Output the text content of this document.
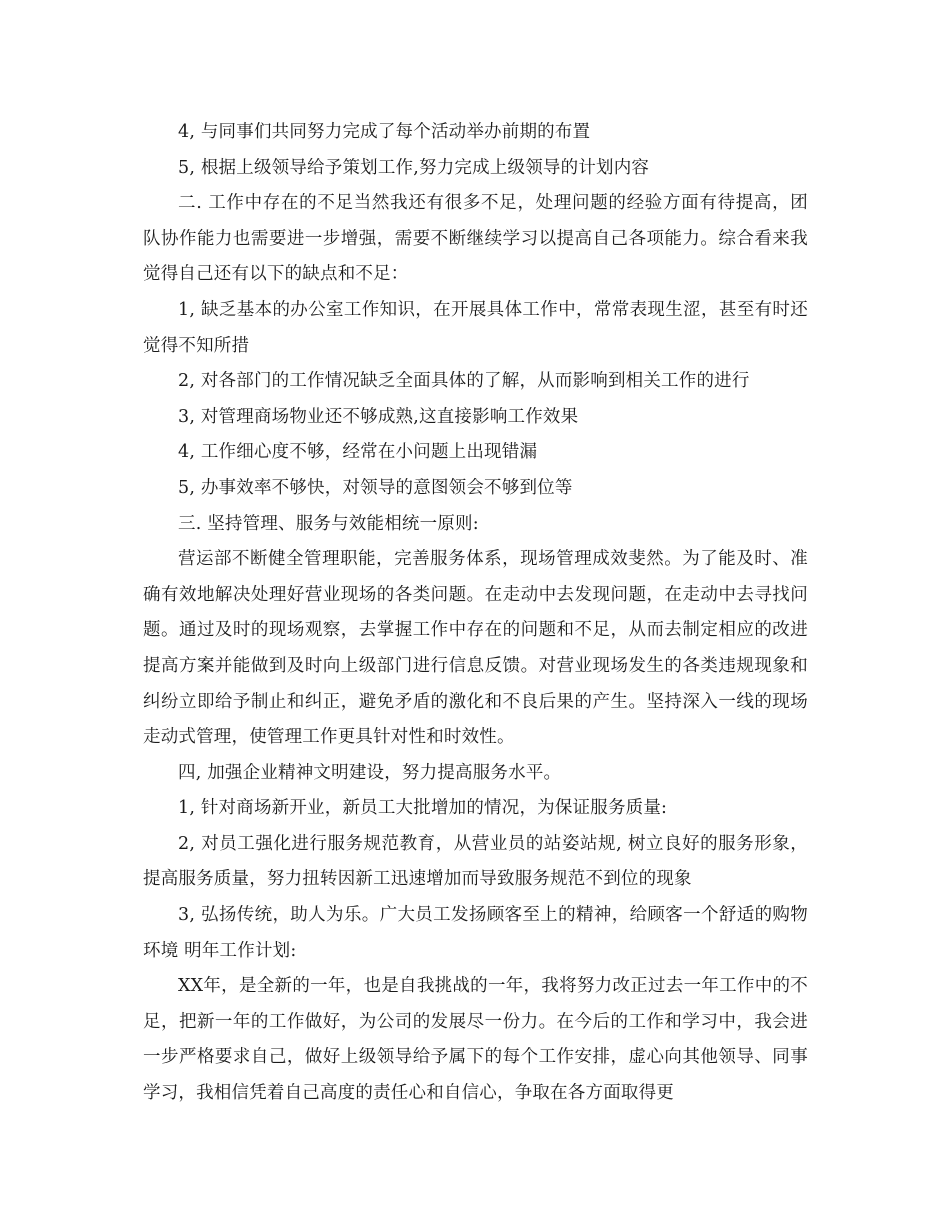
4, 与同事们共同努力完成了每个活动举办前期的布置

5, 根据上级领导给予策划工作,努力完成上级领导的计划内容

二. 工作中存在的不足当然我还有很多不足，处理问题的经验方面有待提高，团队协作能力也需要进一步增强，需要不断继续学习以提高自己各项能力。综合看来我觉得自己还有以下的缺点和不足：

1, 缺乏基本的办公室工作知识，在开展具体工作中，常常表现生涩，甚至有时还觉得不知所措

2, 对各部门的工作情况缺乏全面具体的了解，从而影响到相关工作的进行

3, 对管理商场物业还不够成熟,这直接影响工作效果

4, 工作细心度不够，经常在小问题上出现错漏

5, 办事效率不够快，对领导的意图领会不够到位等

三. 坚持管理、服务与效能相统一原则:

营运部不断健全管理职能，完善服务体系，现场管理成效斐然。为了能及时、准确有效地解决处理好营业现场的各类问题。在走动中去发现问题，在走动中去寻找问题。通过及时的现场观察，去掌握工作中存在的问题和不足，从而去制定相应的改进提高方案并能做到及时向上级部门进行信息反馈。对营业现场发生的各类违规现象和纠纷立即给予制止和纠正，避免矛盾的激化和不良后果的产生。坚持深入一线的现场走动式管理，使管理工作更具针对性和时效性。

四, 加强企业精神文明建设，努力提高服务水平。

1, 针对商场新开业，新员工大批增加的情况，为保证服务质量:

2, 对员工强化进行服务规范教育，从营业员的站姿站规, 树立良好的服务形象，提高服务质量，努力扭转因新工迅速增加而导致服务规范不到位的现象

3, 弘扬传统，助人为乐。广大员工发扬顾客至上的精神，给顾客一个舒适的购物环境 明年工作计划:

XX年，是全新的一年，也是自我挑战的一年，我将努力改正过去一年工作中的不足，把新一年的工作做好，为公司的发展尽一份力。在今后的工作和学习中，我会进一步严格要求自己，做好上级领导给予属下的每个工作安排，虚心向其他领导、同事学习，我相信凭着自己高度的责任心和自信心，争取在各方面取得更
